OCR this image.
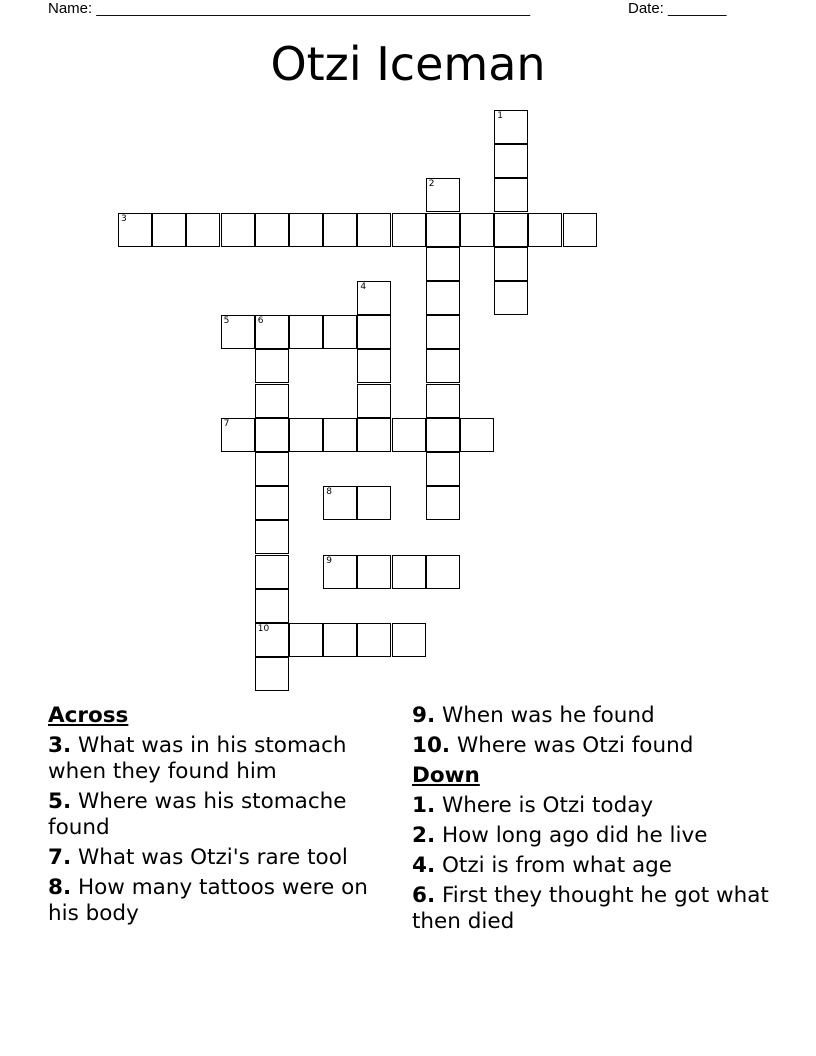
Name: ____________________________________________________	Date: _______
Otzi Iceman
1
2
3
4
5	6
10
7
8
9
Across
3. What was in his stomach when they found him
5. Where was his stomache found
7. What was Otzi's rare tool
8. How many tattoos were on his body
9. When was he found
10. Where was Otzi found
Down
1. Where is Otzi today
2. How long ago did he live
4. Otzi is from what age
6. First they thought he got what then died
